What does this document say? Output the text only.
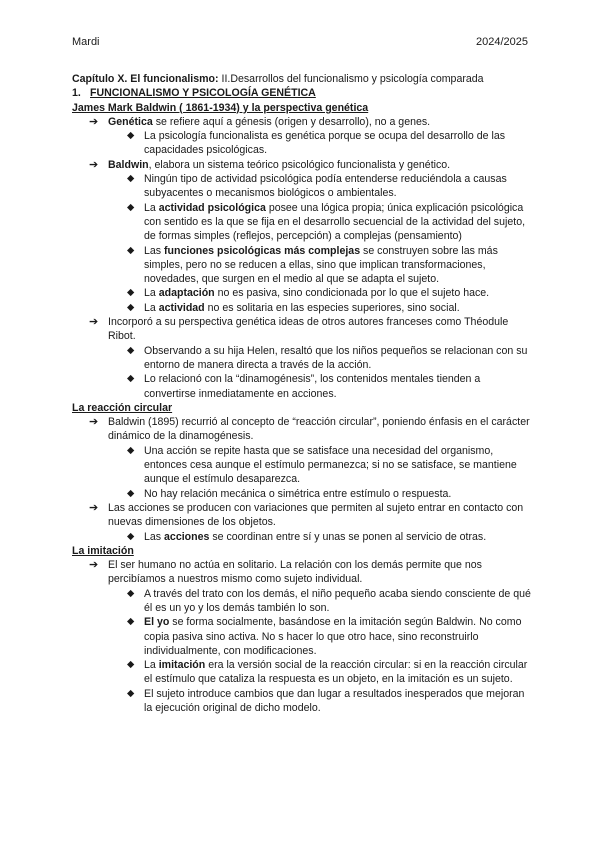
Mardi	2024/2025

Capítulo X. El funcionalismo: II.Desarrollos del funcionalismo y psicología comparada

1. FUNCIONALISMO Y PSICOLOGÍA GENÉTICA

James Mark Baldwin ( 1861-1934) y la perspectiva genética

➔ Genética se refiere aquí a génesis (origen y desarrollo), no a genes.
◆ La psicología funcionalista es genética porque se ocupa del desarrollo de las capacidades psicológicas.
➔ Baldwin, elabora un sistema teórico psicológico funcionalista y genético.
◆ Ningún tipo de actividad psicológica podía entenderse reduciéndola a causas subyacentes o mecanismos biológicos o ambientales.
◆ La actividad psicológica posee una lógica propia; única explicación psicológica con sentido es la que se fija en el desarrollo secuencial de la actividad del sujeto, de formas simples (reflejos, percepción) a complejas (pensamiento)
◆ Las funciones psicológicas más complejas se construyen sobre las más simples, pero no se reducen a ellas, sino que implican transformaciones, novedades, que surgen en el medio al que se adapta el sujeto.
◆ La adaptación no es pasiva, sino condicionada por lo que el sujeto hace.
◆ La actividad no es solitaria en las especies superiores, sino social.
➔ Incorporó a su perspectiva genética ideas de otros autores franceses como Théodule Ribot.
◆ Observando a su hija Helen, resaltó que los niños pequeños se relacionan con su entorno de manera directa a través de la acción.
◆ Lo relacionó con la “dinamogénesis”, los contenidos mentales tienden a convertirse inmediatamente en acciones.

La reacción circular

➔ Baldwin (1895) recurrió al concepto de “reacción circular”, poniendo énfasis en el carácter dinámico de la dinamogénesis.
◆ Una acción se repite hasta que se satisface una necesidad del organismo, entonces cesa aunque el estímulo permanezca; si no se satisface, se mantiene aunque el estímulo desaparezca.
◆ No hay relación mecánica o simétrica entre estímulo o respuesta.
➔ Las acciones se producen con variaciones que permiten al sujeto entrar en contacto con nuevas dimensiones de los objetos.
◆ Las acciones se coordinan entre sí y unas se ponen al servicio de otras.

La imitación

➔ El ser humano no actúa en solitario. La relación con los demás permite que nos percibíamos a nuestros mismo como sujeto individual.
◆ A través del trato con los demás, el niño pequeño acaba siendo consciente de qué él es un yo y los demás también lo son.
◆ El yo se forma socialmente, basándose en la imitación según Baldwin. No como copia pasiva sino activa. No s hacer lo que otro hace, sino reconstruirlo individualmente, con modificaciones.
◆ La imitación era la versión social de la reacción circular: si en la reacción circular el estímulo que cataliza la respuesta es un objeto, en la imitación es un sujeto.
◆ El sujeto introduce cambios que dan lugar a resultados inesperados que mejoran la ejecución original de dicho modelo.
